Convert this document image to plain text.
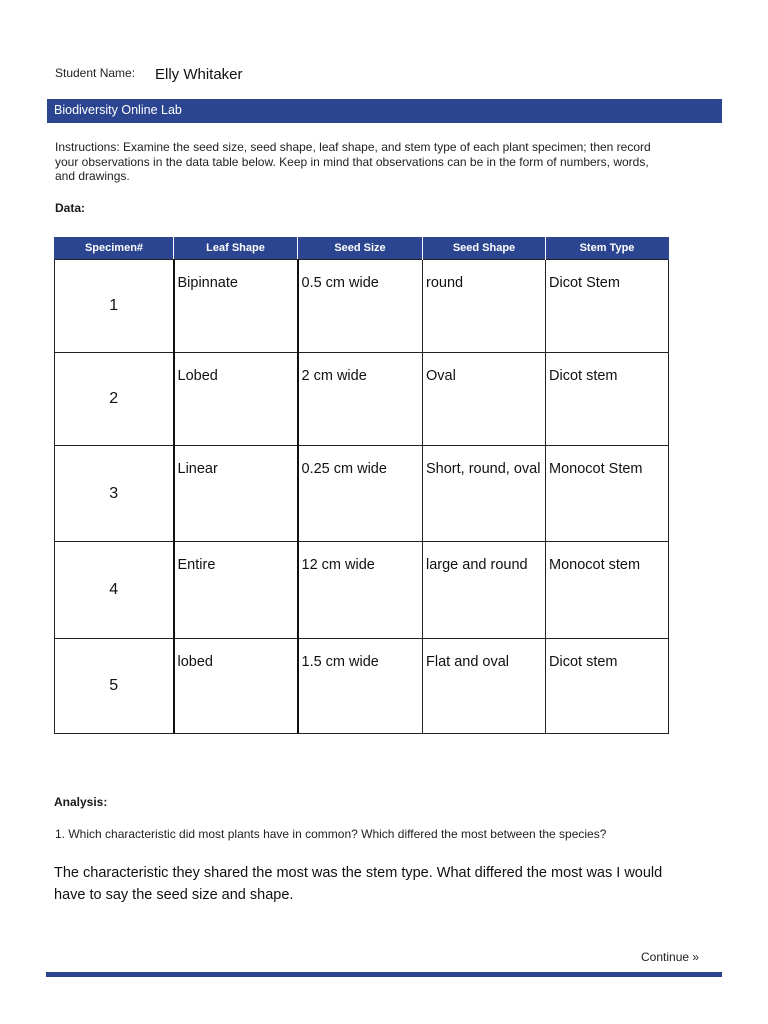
Student Name: Elly Whitaker
Biodiversity Online Lab
Instructions: Examine the seed size, seed shape, leaf shape, and stem type of each plant specimen; then record your observations in the data table below. Keep in mind that observations can be in the form of numbers, words, and drawings.
Data:
Specimen#	Leaf Shape	Seed Size	Seed Shape	Stem Type
1	Bipinnate	0.5 cm wide	round	Dicot Stem
2	Lobed	2 cm wide	Oval	Dicot stem
3	Linear	0.25 cm wide	Short, round, oval	Monocot Stem
4	Entire	12 cm wide	large and round	Monocot stem
5	lobed	1.5 cm wide	Flat and oval	Dicot stem
Analysis:
1. Which characteristic did most plants have in common? Which differed the most between the species?
The characteristic they shared the most was the stem type. What differed the most was I would have to say the seed size and shape.
Continue »
